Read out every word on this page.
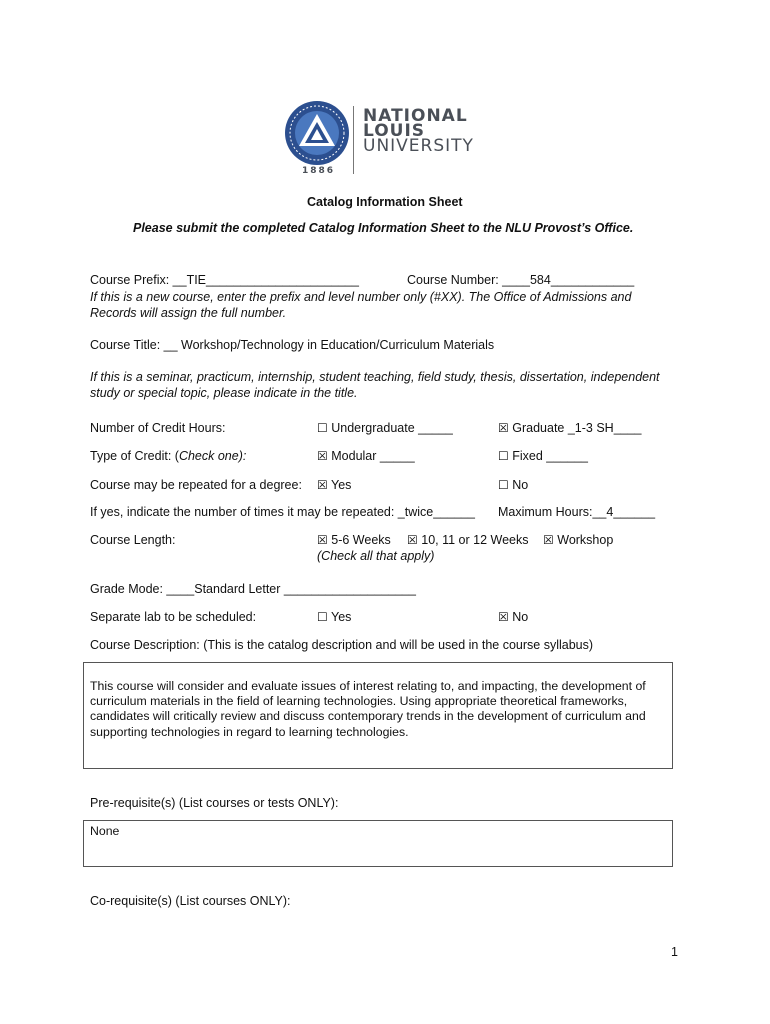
NATIONAL
LOUIS
UNIVERSITY
1886
Catalog Information Sheet
Please submit the completed Catalog Information Sheet to the NLU Provost’s Office.
Course Prefix: __TIE______________________	Course Number: ____584____________
If this is a new course, enter the prefix and level number only (#XX). The Office of Admissions and
Records will assign the full number.
Course Title: __ Workshop/Technology in Education/Curriculum Materials
If this is a seminar, practicum, internship, student teaching, field study, thesis, dissertation, independent
study or special topic, please indicate in the title.
Number of Credit Hours:	☐ Undergraduate _____	☒ Graduate _1-3 SH____
Type of Credit: (Check one):	☒ Modular _____	☐ Fixed ______
Course may be repeated for a degree: ☒ Yes	☐ No
If yes, indicate the number of times it may be repeated: _twice______ Maximum Hours:__4______
Course Length:	☒ 5-6 Weeks ☒ 10, 11 or 12 Weeks ☒ Workshop
(Check all that apply)
Grade Mode: ____Standard Letter ___________________
Separate lab to be scheduled:	☐ Yes	☒ No
Course Description: (This is the catalog description and will be used in the course syllabus)
This course will consider and evaluate issues of interest relating to, and impacting, the development of curriculum materials in the field of learning technologies. Using appropriate theoretical frameworks, candidates will critically review and discuss contemporary trends in the development of curriculum and supporting technologies in regard to learning technologies.
Pre-requisite(s) (List courses or tests ONLY):
None
Co-requisite(s) (List courses ONLY):
1
